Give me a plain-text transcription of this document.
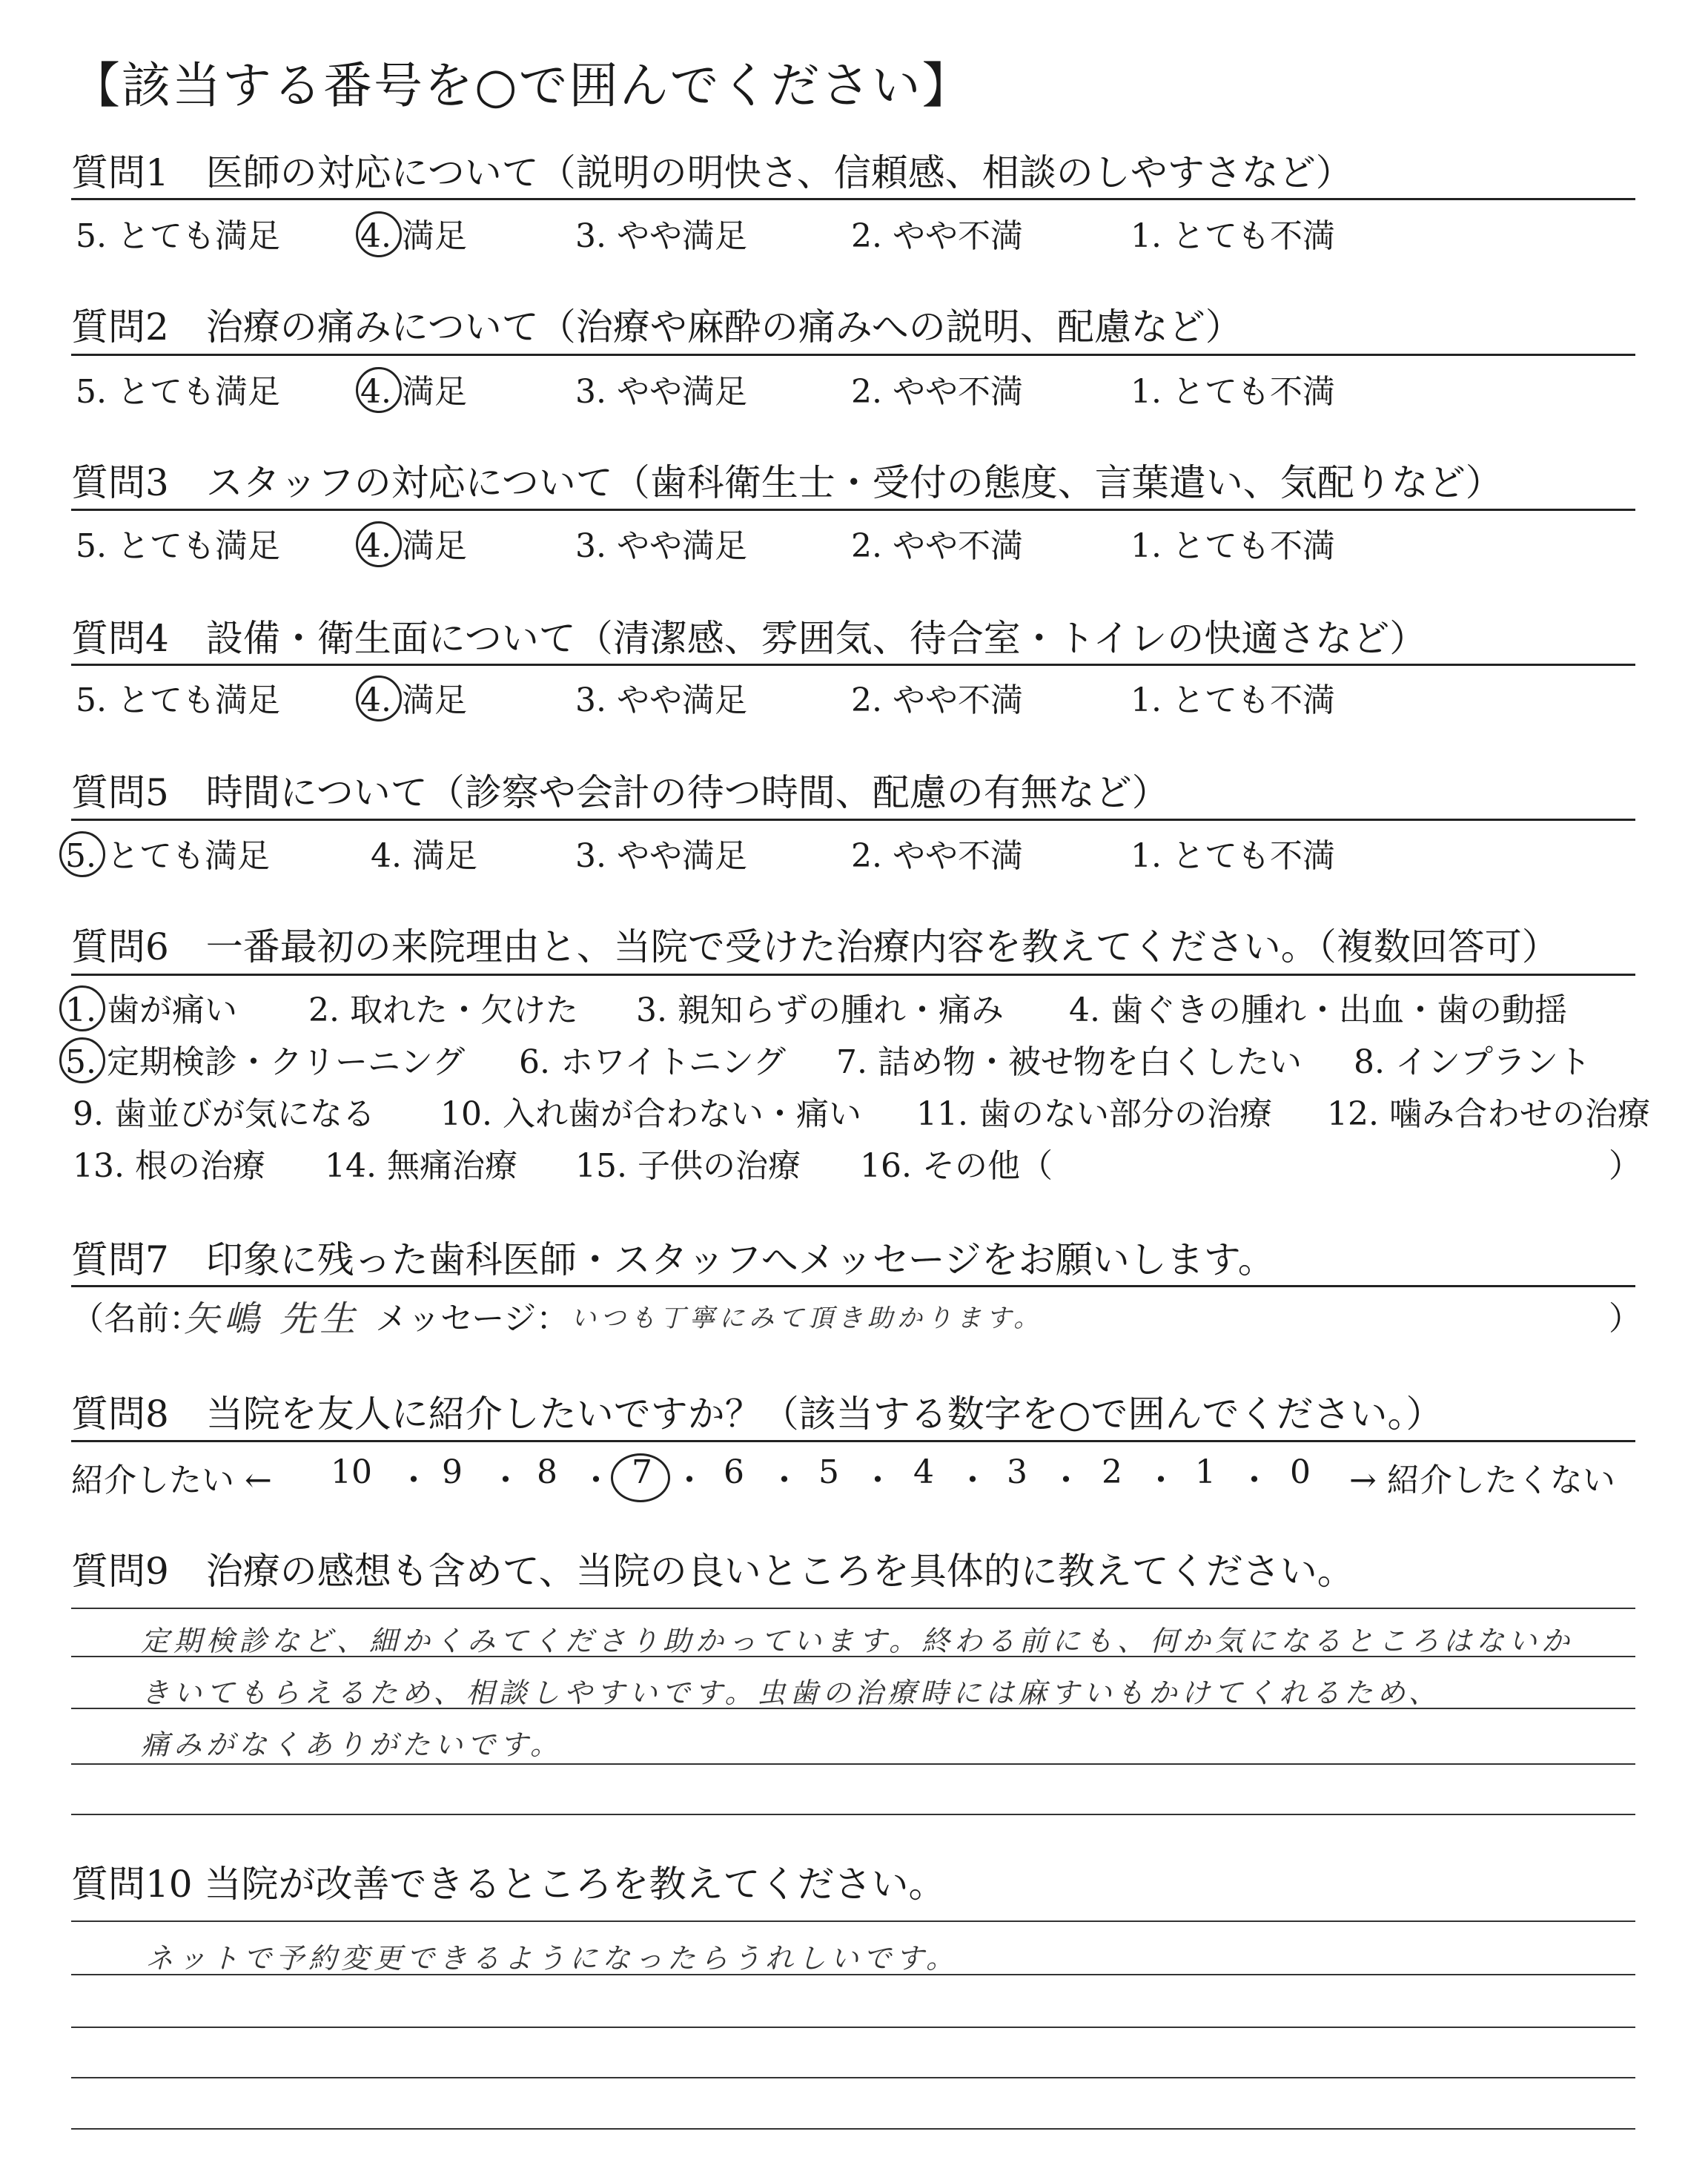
【該当する番号を○で囲んでください】
質問1　医師の対応について（説明の明快さ、信頼感、相談のしやすさなど）
5. とても満足 4. 満足	3. やや満足	2. やや不満	1. とても不満
質問2　治療の痛みについて（治療や麻酔の痛みへの説明、配慮など）
5. とても満足 4. 満足	3. やや満足	2. やや不満	1. とても不満
質問3　スタッフの対応について（歯科衛生士・受付の態度、言葉遣い、気配りなど）
5. とても満足 4. 満足	3. やや満足	2. やや不満	1. とても不満
質問4　設備・衛生面について（清潔感、雰囲気、待合室・トイレの快適さなど）
5. とても満足 4. 満足	3. やや満足	2. やや不満	1. とても不満
質問5　時間について（診察や会計の待つ時間、配慮の有無など）
5. とても満足	4. 満足	3. やや満足	2. やや不満	1. とても不満
質問6　一番最初の来院理由と、当院で受けた治療内容を教えてください。（複数回答可）
1. 歯が痛い 2. 取れた・欠けた 3. 親知らずの腫れ・痛み 4. 歯ぐきの腫れ・出血・歯の動揺
5. 定期検診・クリーニング 6. ホワイトニング 7. 詰め物・被せ物を白くしたい 8. インプラント
9. 歯並びが気になる 10. 入れ歯が合わない・痛い 11. 歯のない部分の治療 12. 噛み合わせの治療
13. 根の治療 14. 無痛治療 15. 子供の治療 16. その他（	）
質問7　印象に残った歯科医師・スタッフへメッセージをお願いします。
（名前：
矢嶋 先生 メッセージ： いつも丁寧にみて頂き助かります。	）
質問8　当院を友人に紹介したいですか？（該当する数字を○で囲んでください。）
紹介したい ← 10 ・ 9 ・ 8 ・ 7 ・ 6 ・ 5 ・ 4 ・ 3 ・ 2 ・ 1 ・ 0 → 紹介したくない
質問9　治療の感想も含めて、当院の良いところを具体的に教えてください。
定期検診など、細かくみてくださり助かっています。終わる前にも、何か気になるところはないか
きいてもらえるため、相談しやすいです。虫歯の治療時には麻すいもかけてくれるため、
痛みがなくありがたいです。
質問10 当院が改善できるところを教えてください。
ネットで予約変更できるようになったらうれしいです。
